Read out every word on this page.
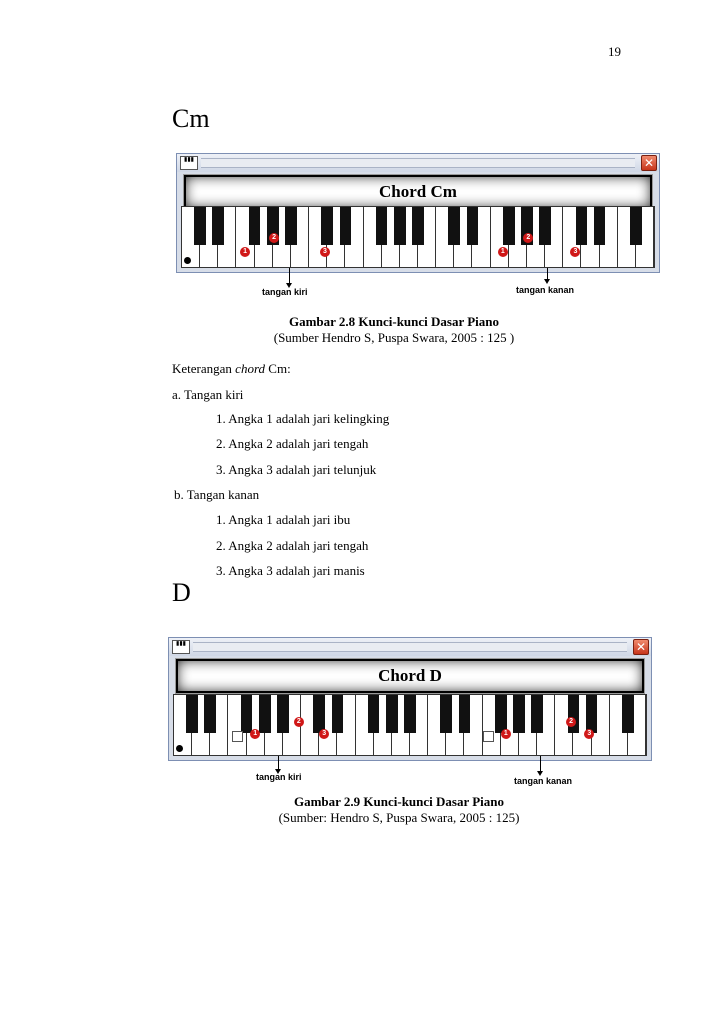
19
Cm
▮▮▮	✕
Chord Cm
1
2
3	1
2
3
tangan kiri	tangan kanan
Gambar 2.8 Kunci-kunci Dasar Piano
(Sumber Hendro S, Puspa Swara, 2005 : 125 )
Keterangan chord Cm:
a. Tangan kiri
1. Angka 1 adalah jari kelingking
2. Angka 2 adalah jari tengah
3. Angka 3 adalah jari telunjuk
b. Tangan kanan
1. Angka 1 adalah jari ibu
2. Angka 2 adalah jari tengah
3. Angka 3 adalah jari manis
D
▮▮▮	✕
Chord D
1
2
3	1
2
3
tangan kiri	tangan kanan
Gambar 2.9 Kunci-kunci Dasar Piano
(Sumber: Hendro S, Puspa Swara, 2005 : 125)
